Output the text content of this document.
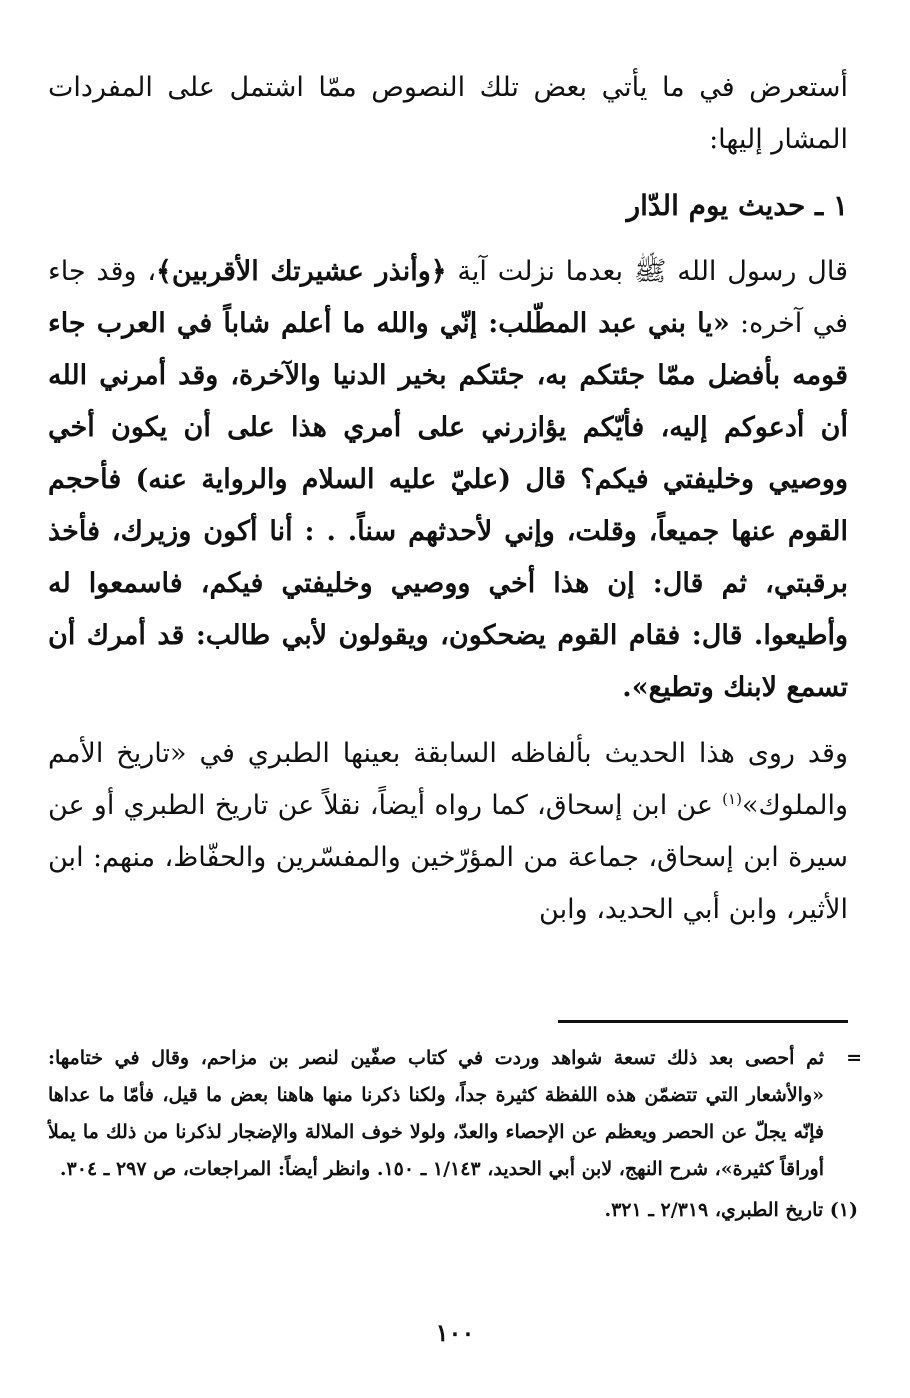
أستعرض في ما يأتي بعض تلك النصوص ممّا اشتمل على المفردات المشار إليها:

١ ـ حديث يوم الدّار

قال رسول الله ﷺ بعدما نزلت آية ﴿وأنذر عشيرتك الأقربين﴾، وقد جاء في آخره: «يا بني عبد المطّلب: إنّي والله ما أعلم شاباً في العرب جاء قومه بأفضل ممّا جئتكم به، جئتكم بخير الدنيا والآخرة، وقد أمرني الله أن أدعوكم إليه، فأيّكم يؤازرني على أمري هذا على أن يكون أخي ووصيي وخليفتي فيكم؟ قال (عليّ عليه السلام والرواية عنه) فأحجم القوم عنها جميعاً، وقلت، وإني لأحدثهم سناً. . : أنا أكون وزيرك، فأخذ برقبتي، ثم قال: إن هذا أخي ووصيي وخليفتي فيكم، فاسمعوا له وأطيعوا. قال: فقام القوم يضحكون، ويقولون لأبي طالب: قد أمرك أن تسمع لابنك وتطيع».

وقد روى هذا الحديث بألفاظه السابقة بعينها الطبري في «تاريخ الأمم والملوك»$^{(١)}$ عن ابن إسحاق، كما رواه أيضاً، نقلاً عن تاريخ الطبري أو عن سيرة ابن إسحاق، جماعة من المؤرّخين والمفسّرين والحفّاظ، منهم: ابن الأثير، وابن أبي الحديد، وابن

=
ثم أحصى بعد ذلك تسعة شواهد وردت في كتاب صفّين لنصر بن مزاحم، وقال في ختامها: «والأشعار التي تتضمّن هذه اللفظة كثيرة جداً، ولكنا ذكرنا منها هاهنا بعض ما قيل، فأمّا ما عداها فإنّه يجلّ عن الحصر ويعظم عن الإحصاء والعدّ، ولولا خوف الملالة والإضجار لذكرنا من ذلك ما يملأ أوراقاً كثيرة»، شرح النهج، لابن أبي الحديد، ١/١٤٣ ـ ١٥٠. وانظر أيضاً: المراجعات، ص ٢٩٧ ـ ٣٠٤.

(١) تاريخ الطبري، ٢/٣١٩ ـ ٣٢١.

١٠٠
